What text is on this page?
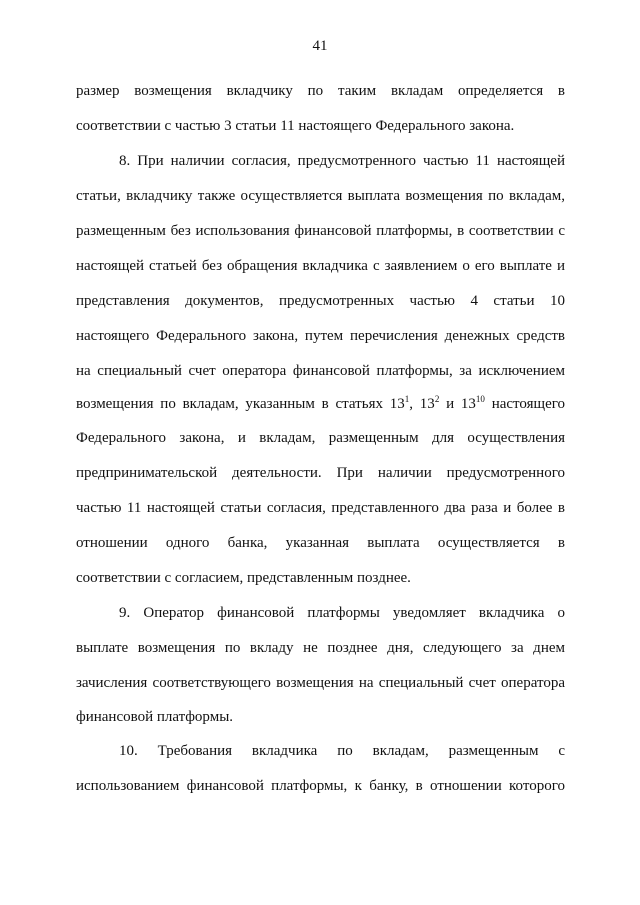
41
размер возмещения вкладчику по таким вкладам определяется в
соответствии с частью 3 статьи 11 настоящего Федерального закона.
8. При наличии согласия, предусмотренного частью 11 настоящей
статьи, вкладчику также осуществляется выплата возмещения по вкладам,
размещенным без использования финансовой платформы, в соответствии с
настоящей статьей без обращения вкладчика с заявлением о его выплате и
представления документов, предусмотренных частью 4 статьи 10
настоящего Федерального закона, путем перечисления денежных средств
на специальный счет оператора финансовой платформы, за исключением
возмещения по вкладам, указанным в статьях $13^1$, $13^2$ и $13^{10}$ настоящего
Федерального закона, и вкладам, размещенным для осуществления
предпринимательской деятельности. При наличии предусмотренного
частью 11 настоящей статьи согласия, представленного два раза и более в
отношении одного банка, указанная выплата осуществляется в
соответствии с согласием, представленным позднее.
9. Оператор финансовой платформы уведомляет вкладчика о
выплате возмещения по вкладу не позднее дня, следующего за днем
зачисления соответствующего возмещения на специальный счет оператора
финансовой платформы.
10. Требования вкладчика по вкладам, размещенным с
использованием финансовой платформы, к банку, в отношении которого
